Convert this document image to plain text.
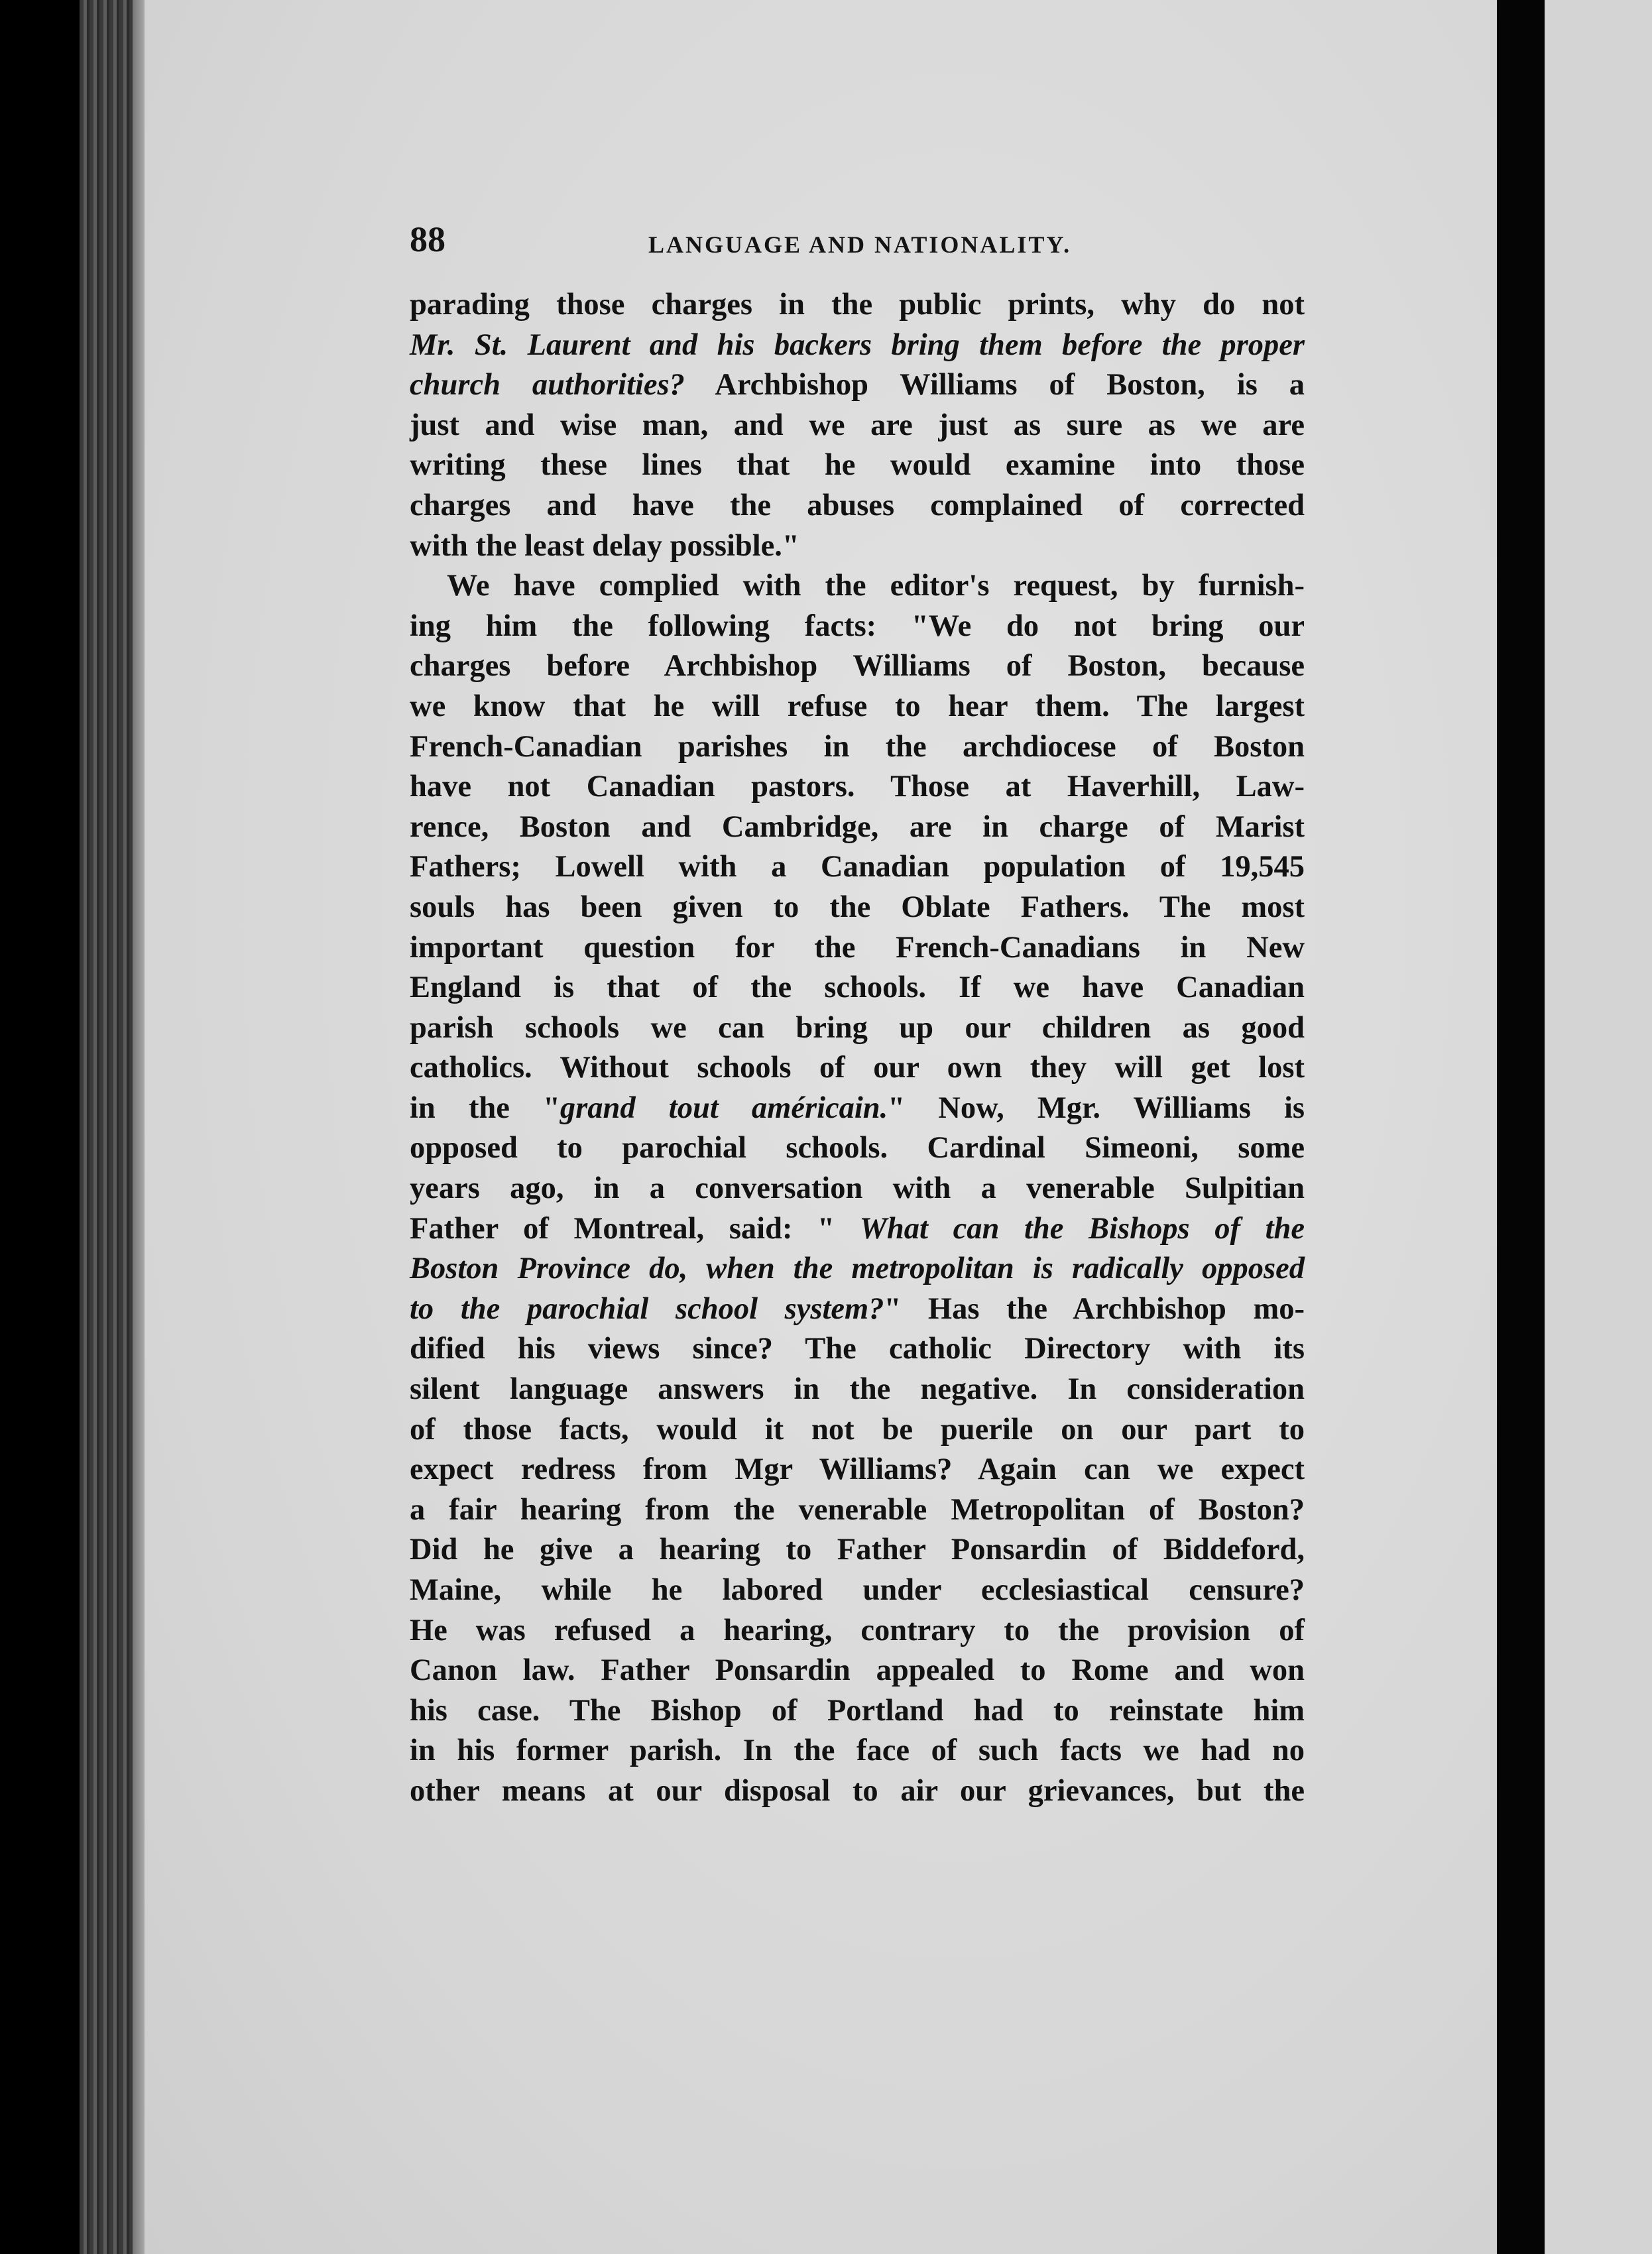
88	LANGUAGE AND NATIONALITY.
parading those charges in the public prints, why do not
Mr. St. Laurent and his backers bring them before the proper
church authorities? Archbishop Williams of Boston, is a
just and wise man, and we are just as sure as we are
writing these lines that he would examine into those
charges and have the abuses complained of corrected
with the least delay possible."
We have complied with the editor's request, by furnish-
ing him the following facts: "We do not bring our
charges before Archbishop Williams of Boston, because
we know that he will refuse to hear them. The largest
French-Canadian parishes in the archdiocese of Boston
have not Canadian pastors. Those at Haverhill, Law-
rence, Boston and Cambridge, are in charge of Marist
Fathers; Lowell with a Canadian population of 19,545
souls has been given to the Oblate Fathers. The most
important question for the French-Canadians in New
England is that of the schools. If we have Canadian
parish schools we can bring up our children as good
catholics. Without schools of our own they will get lost
in the "grand tout américain." Now, Mgr. Williams is
opposed to parochial schools. Cardinal Simeoni, some
years ago, in a conversation with a venerable Sulpitian
Father of Montreal, said: " What can the Bishops of the
Boston Province do, when the metropolitan is radically opposed
to the parochial school system?" Has the Archbishop mo-
dified his views since? The catholic Directory with its
silent language answers in the negative. In consideration
of those facts, would it not be puerile on our part to
expect redress from Mgr Williams? Again can we expect
a fair hearing from the venerable Metropolitan of Boston?
Did he give a hearing to Father Ponsardin of Biddeford,
Maine, while he labored under ecclesiastical censure?
He was refused a hearing, contrary to the provision of
Canon law. Father Ponsardin appealed to Rome and won
his case. The Bishop of Portland had to reinstate him
in his former parish. In the face of such facts we had no
other means at our disposal to air our grievances, but the
